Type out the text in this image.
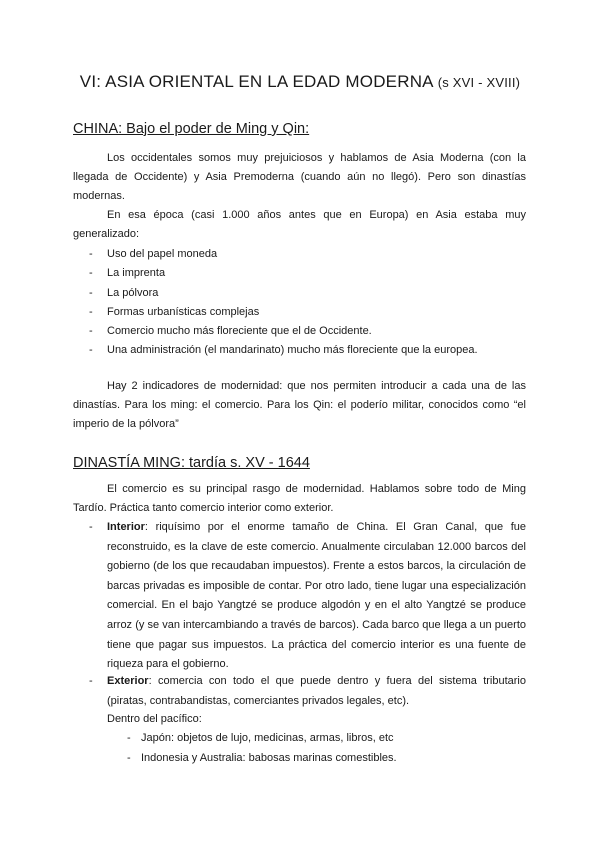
VI: ASIA ORIENTAL EN LA EDAD MODERNA (s XVI - XVIII)
CHINA: Bajo el poder de Ming y Qin:
Los occidentales somos muy prejuiciosos y hablamos de Asia Moderna (con la llegada de Occidente) y Asia Premoderna (cuando aún no llegó). Pero son dinastías modernas.
En esa época (casi 1.000 años antes que en Europa) en Asia estaba muy generalizado:
- Uso del papel moneda
- La imprenta
- La pólvora
- Formas urbanísticas complejas
- Comercio mucho más floreciente que el de Occidente.
- Una administración (el mandarinato) mucho más floreciente que la europea.
Hay 2 indicadores de modernidad: que nos permiten introducir a cada una de las dinastías. Para los ming: el comercio. Para los Qin: el poderío militar, conocidos como “el imperio de la pólvora”
DINASTÍA MING: tardía s. XV - 1644
El comercio es su principal rasgo de modernidad. Hablamos sobre todo de Ming Tardío. Práctica tanto comercio interior como exterior.
- Interior: riquísimo por el enorme tamaño de China. El Gran Canal, que fue reconstruido, es la clave de este comercio. Anualmente circulaban 12.000 barcos del gobierno (de los que recaudaban impuestos). Frente a estos barcos, la circulación de barcas privadas es imposible de contar. Por otro lado, tiene lugar una especialización comercial. En el bajo Yangtzé se produce algodón y en el alto Yangtzé se produce arroz (y se van intercambiando a través de barcos). Cada barco que llega a un puerto tiene que pagar sus impuestos. La práctica del comercio interior es una fuente de riqueza para el gobierno.
- Exterior: comercia con todo el que puede dentro y fuera del sistema tributario (piratas, contrabandistas, comerciantes privados legales, etc).
Dentro del pacífico:
- Japón: objetos de lujo, medicinas, armas, libros, etc
- Indonesia y Australia: babosas marinas comestibles.
